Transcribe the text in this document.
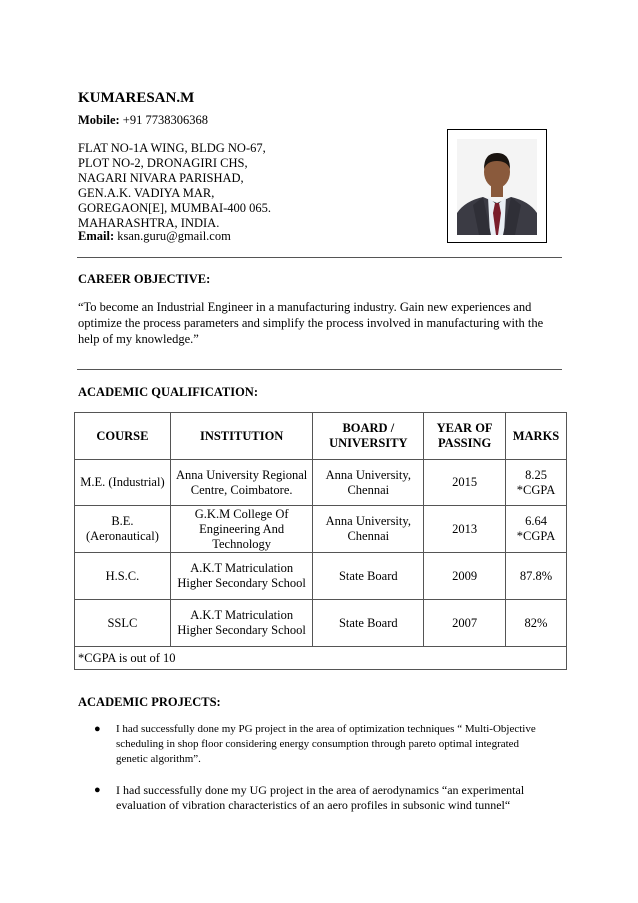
KUMARESAN.M
Mobile: +91 7738306368
FLAT NO-1A WING, BLDG NO-67,
PLOT NO-2, DRONAGIRI CHS,
NAGARI NIVARA PARISHAD,
GEN.A.K. VADIYA MAR,
GOREGAON[E], MUMBAI-400 065.
MAHARASHTRA, INDIA.
Email: ksan.guru@gmail.com
CAREER OBJECTIVE:
“To become an Industrial Engineer in a manufacturing industry. Gain new experiences and optimize the process parameters and simplify the process involved in manufacturing with the help of my knowledge.”
ACADEMIC QUALIFICATION:
COURSE	INSTITUTION	BOARD / UNIVERSITY	YEAR OF PASSING	MARKS
M.E. (Industrial)	Anna University Regional Centre, Coimbatore.	Anna University, Chennai	2015	8.25 *CGPA
B.E. (Aeronautical)	G.K.M College Of Engineering And Technology	Anna University, Chennai	2013	6.64 *CGPA
H.S.C.	A.K.T Matriculation Higher Secondary School	State Board	2009	87.8%
SSLC	A.K.T Matriculation Higher Secondary School	State Board	2007	82%
*CGPA is out of 10				
ACADEMIC PROJECTS:
● I had successfully done my PG project in the area of optimization techniques “ Multi-Objective scheduling in shop floor considering energy consumption through pareto optimal integrated genetic algorithm”.
● I had successfully done my UG project in the area of aerodynamics “an experimental evaluation of vibration characteristics of an aero profiles in subsonic wind tunnel“
